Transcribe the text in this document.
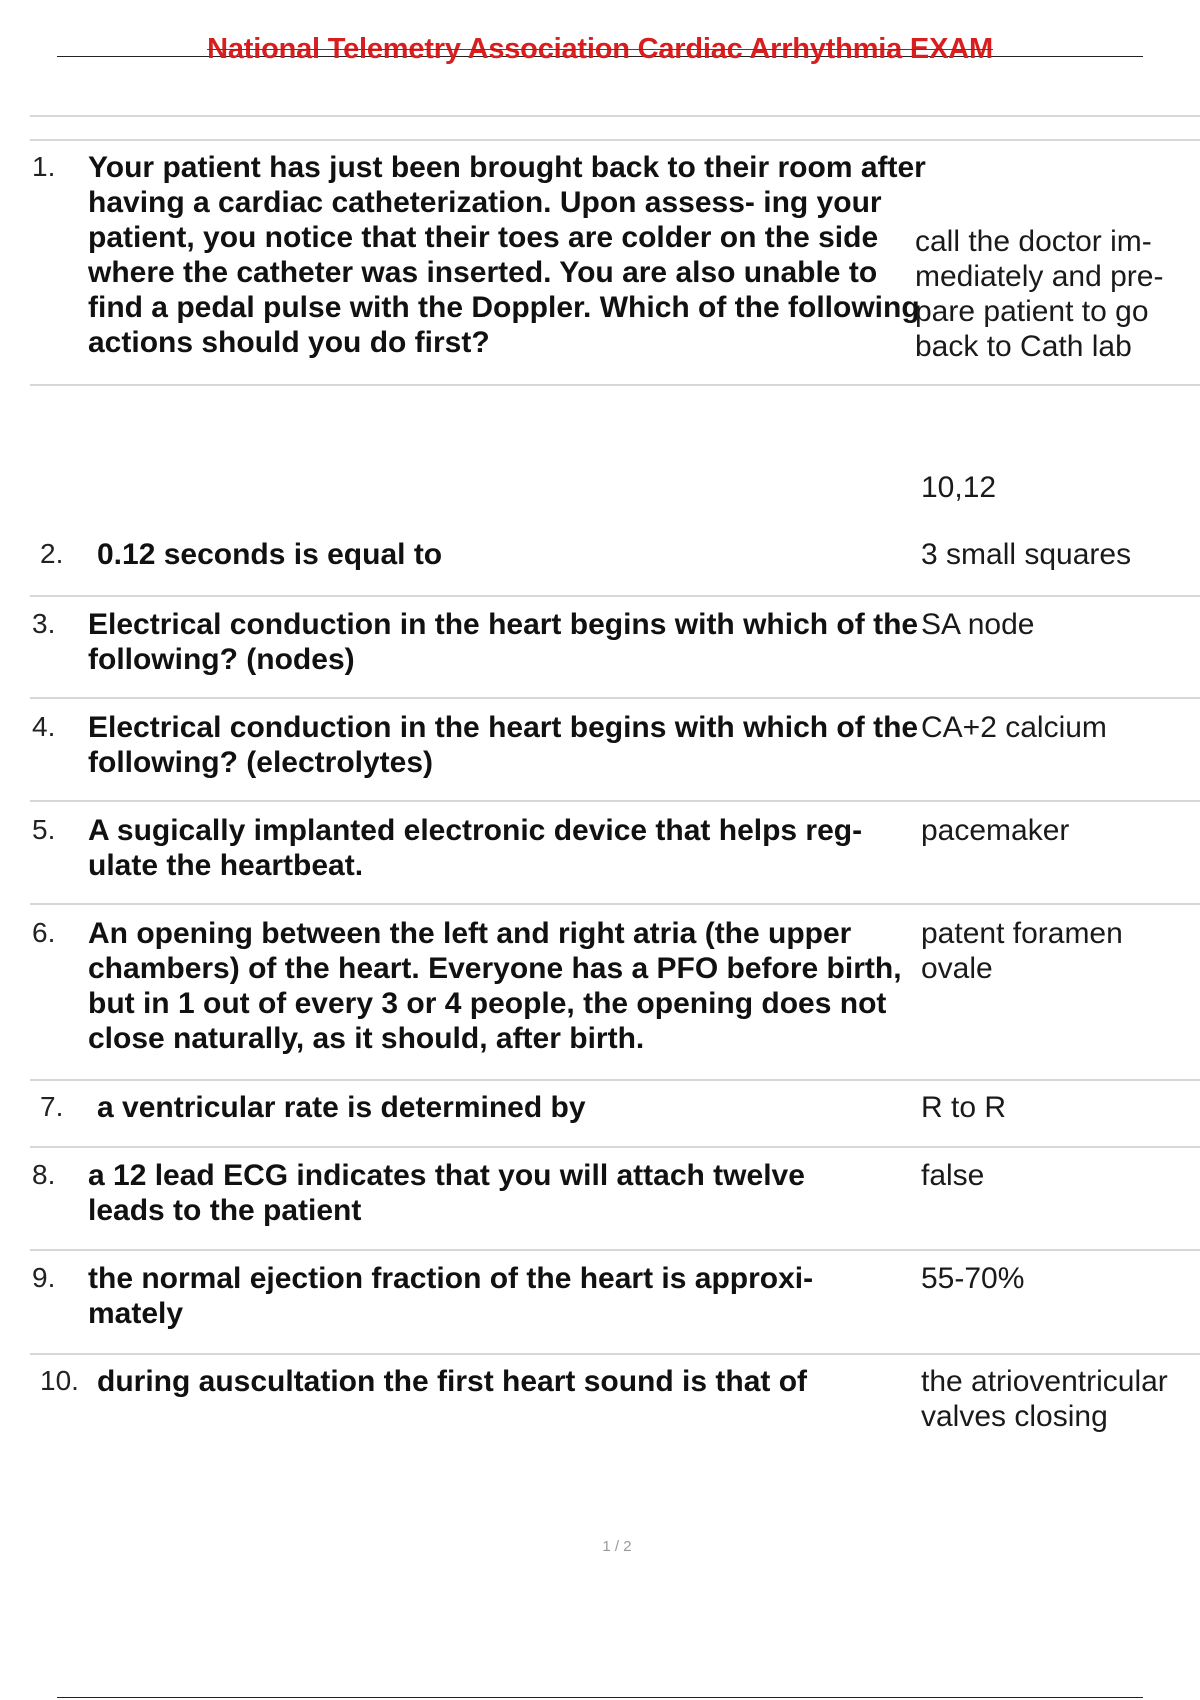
National Telemetry Association Cardiac Arrhythmia EXAM
1. Your patient has just been brought back to their room after having a cardiac catheterization. Upon assess- ing your patient, you notice that their toes are colder on the side where the catheter was inserted. You are also unable to find a pedal pulse with the Doppler. Which of the following actions should you do first?
call the doctor im- mediately and pre- pare patient to go back to Cath lab
10,12
2. 0.12 seconds is equal to	3 small squares
3. Electrical conduction in the heart begins with which of the following? (nodes)
SA node
4. Electrical conduction in the heart begins with which of the following? (electrolytes)
CA+2 calcium
5. A sugically implanted electronic device that helps reg- ulate the heartbeat.
pacemaker
6. An opening between the left and right atria (the upper chambers) of the heart. Everyone has a PFO before birth, but in 1 out of every 3 or 4 people, the opening does not close naturally, as it should, after birth.
patent foramen ovale
7. a ventricular rate is determined by	R to R
8. a 12 lead ECG indicates that you will attach twelve leads to the patient
false
9. the normal ejection fraction of the heart is approxi- mately
55-70%
10. during auscultation the first heart sound is that of	the atrioventricular valves closing
1 / 2
